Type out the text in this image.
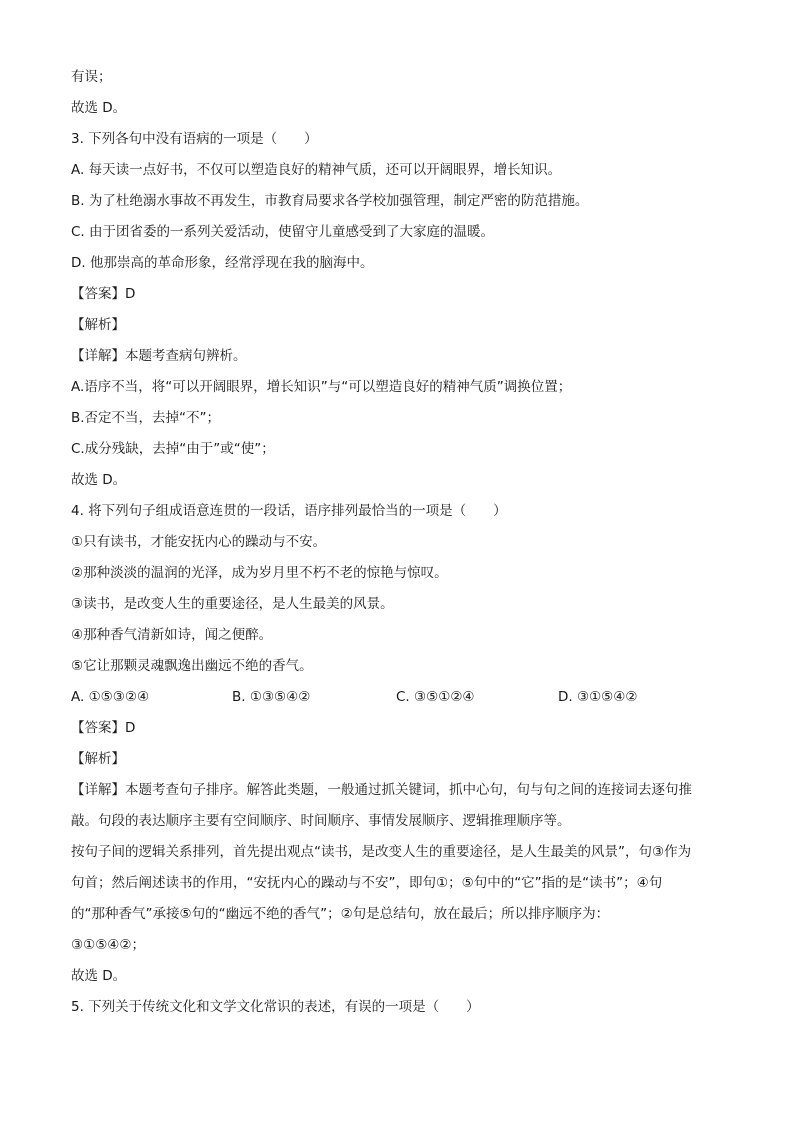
有误；
故选 D。
3. 下列各句中没有语病的一项是（　　）
A. 每天读一点好书，不仅可以塑造良好的精神气质，还可以开阔眼界，增长知识。
B. 为了杜绝溺水事故不再发生，市教育局要求各学校加强管理，制定严密的防范措施。
C. 由于团省委的一系列关爱活动，使留守儿童感受到了大家庭的温暖。
D. 他那崇高的革命形象，经常浮现在我的脑海中。
【答案】D
【解析】
【详解】本题考查病句辨析。
A.语序不当，将“可以开阔眼界，增长知识”与“可以塑造良好的精神气质”调换位置；
B.否定不当，去掉“不”；
C.成分残缺，去掉“由于”或“使”；
故选 D。
4. 将下列句子组成语意连贯的一段话，语序排列最恰当的一项是（　　）
①只有读书，才能安抚内心的躁动与不安。
②那种淡淡的温润的光泽，成为岁月里不朽不老的惊艳与惊叹。
③读书，是改变人生的重要途径，是人生最美的风景。
④那种香气清新如诗，闻之便醉。
⑤它让那颗灵魂飘逸出幽远不绝的香气。
A. ①⑤③②④	B. ①③⑤④②	C. ③⑤①②④	D. ③①⑤④②
【答案】D
【解析】
【详解】本题考查句子排序。解答此类题，一般通过抓关键词，抓中心句，句与句之间的连接词去逐句推
敲。句段的表达顺序主要有空间顺序、时间顺序、事情发展顺序、逻辑推理顺序等。
按句子间的逻辑关系排列，首先提出观点“读书，是改变人生的重要途径，是人生最美的风景”，句③作为
句首；然后阐述读书的作用，“安抚内心的躁动与不安”，即句①；⑤句中的“它”指的是“读书”；④句
的“那种香气”承接⑤句的“幽远不绝的香气”；②句是总结句，放在最后；所以排序顺序为：
③①⑤④②；
故选 D。
5. 下列关于传统文化和文学文化常识的表述，有误的一项是（　　）
